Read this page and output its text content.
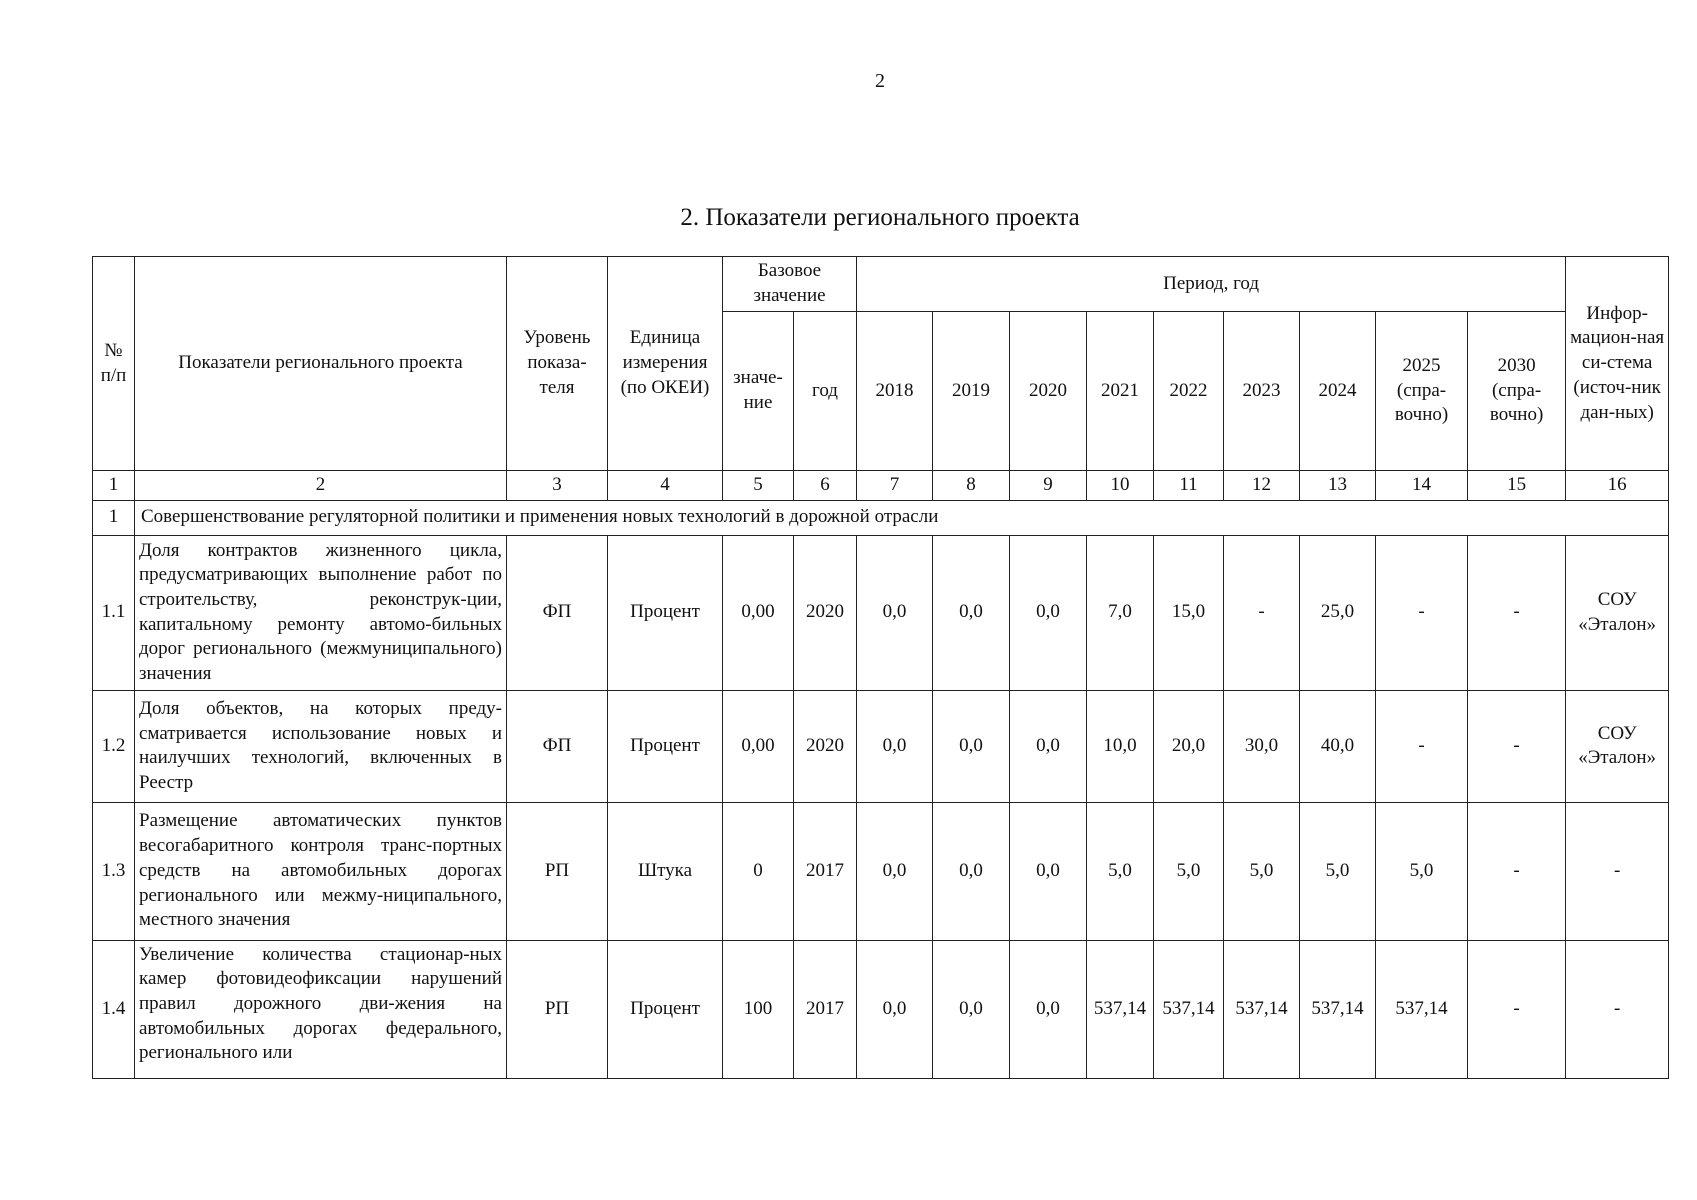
2
2. Показатели регионального проекта
№ п/п	Показатели регионального проекта	Уровень показа-теля	Единица измерения (по ОКЕИ)	Базовое значение		Период, год									Инфор-мацион-ная си-стема (источ-ник дан-ных)
				значе-ние	год	2018	2019	2020	2021	2022	2023	2024	2025 (спра-вочно)	2030 (спра-вочно)	
1	2	3	4	5	6	7	8	9	10	11	12	13	14	15	16
1	Совершенствование регуляторной политики и применения новых технологий в дорожной отрасли														
1.1	Доля контрактов жизненного цикла, предусматривающих выполнение работ по строительству, реконструк-ции, капитальному ремонту автомо-бильных дорог регионального (межмуниципального) значения	ФП	Процент	0,00	2020	0,0	0,0	0,0	7,0	15,0	-	25,0	-	-	СОУ «Эталон»
1.2	Доля объектов, на которых преду-сматривается использование новых и наилучших технологий, включенных в Реестр	ФП	Процент	0,00	2020	0,0	0,0	0,0	10,0	20,0	30,0	40,0	-	-	СОУ «Эталон»
1.3	Размещение автоматических пунктов весогабаритного контроля транс-портных средств на автомобильных дорогах регионального или межму-ниципального, местного значения	РП	Штука	0	2017	0,0	0,0	0,0	5,0	5,0	5,0	5,0	5,0	-	-
1.4	Увеличение количества стационар-ных камер фотовидеофиксации нарушений правил дорожного дви-жения на автомобильных дорогах федерального, регионального или	РП	Процент	100	2017	0,0	0,0	0,0	537,14	537,14	537,14	537,14	537,14	-	-
